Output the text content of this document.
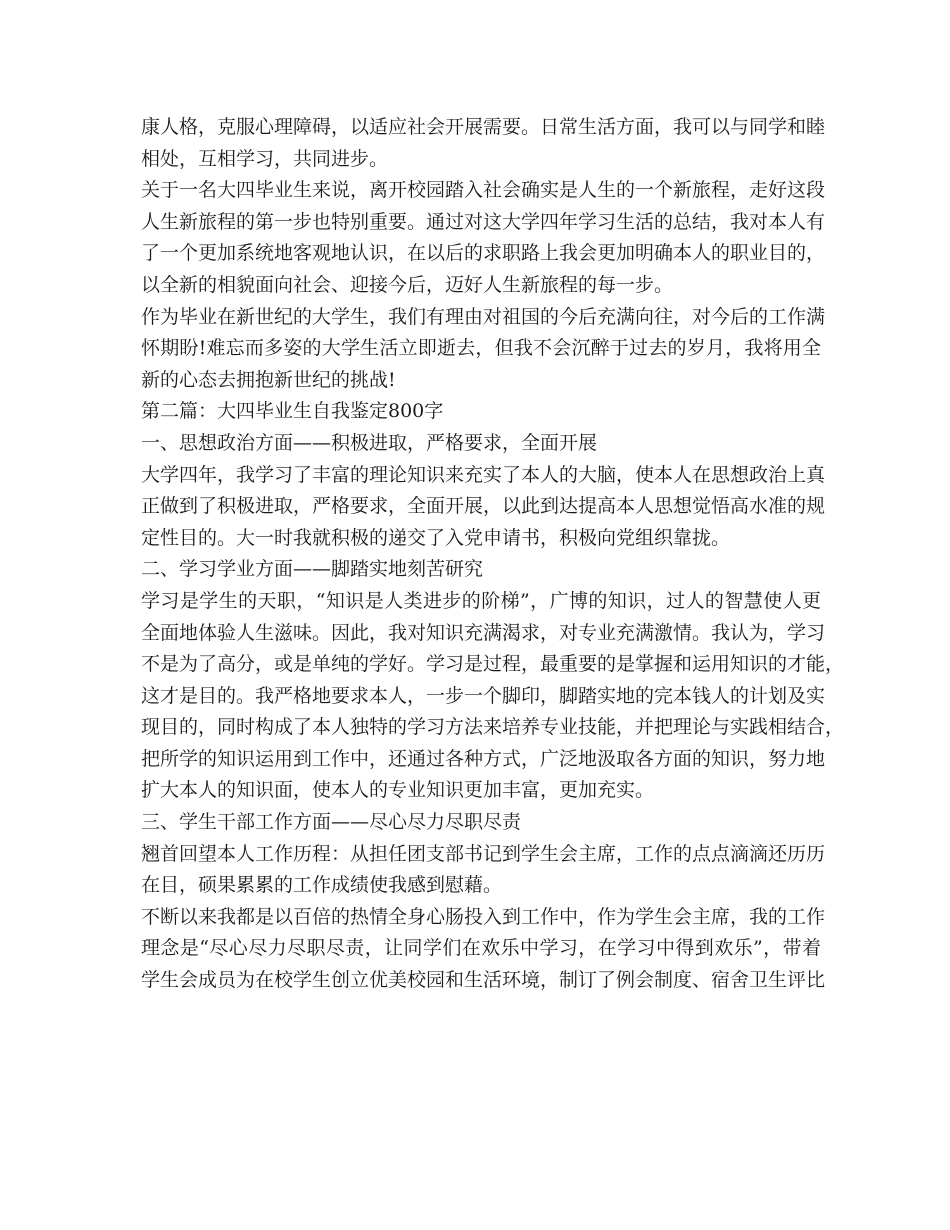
康人格，克服心理障碍，以适应社会开展需要。日常生活方面，我可以与同学和睦
相处，互相学习，共同进步。
关于一名大四毕业生来说，离开校园踏入社会确实是人生的一个新旅程，走好这段
人生新旅程的第一步也特别重要。通过对这大学四年学习生活的总结，我对本人有
了一个更加系统地客观地认识，在以后的求职路上我会更加明确本人的职业目的，
以全新的相貌面向社会、迎接今后，迈好人生新旅程的每一步。
作为毕业在新世纪的大学生，我们有理由对祖国的今后充满向往，对今后的工作满
怀期盼!难忘而多姿的大学生活立即逝去，但我不会沉醉于过去的岁月，我将用全
新的心态去拥抱新世纪的挑战!
第二篇：大四毕业生自我鉴定800字
一、思想政治方面——积极进取，严格要求，全面开展
大学四年，我学习了丰富的理论知识来充实了本人的大脑，使本人在思想政治上真
正做到了积极进取，严格要求，全面开展，以此到达提高本人思想觉悟高水准的规
定性目的。大一时我就积极的递交了入党申请书，积极向党组织靠拢。
二、学习学业方面——脚踏实地刻苦研究
学习是学生的天职，“知识是人类进步的阶梯”，广博的知识，过人的智慧使人更
全面地体验人生滋味。因此，我对知识充满渴求，对专业充满激情。我认为，学习
不是为了高分，或是单纯的学好。学习是过程，最重要的是掌握和运用知识的才能，
这才是目的。我严格地要求本人，一步一个脚印，脚踏实地的完本钱人的计划及实
现目的，同时构成了本人独特的学习方法来培养专业技能，并把理论与实践相结合，
把所学的知识运用到工作中，还通过各种方式，广泛地汲取各方面的知识，努力地
扩大本人的知识面，使本人的专业知识更加丰富，更加充实。
三、学生干部工作方面——尽心尽力尽职尽责
翘首回望本人工作历程：从担任团支部书记到学生会主席，工作的点点滴滴还历历
在目，硕果累累的工作成绩使我感到慰藉。
不断以来我都是以百倍的热情全身心肠投入到工作中，作为学生会主席，我的工作
理念是“尽心尽力尽职尽责，让同学们在欢乐中学习，在学习中得到欢乐”，带着
学生会成员为在校学生创立优美校园和生活环境，制订了例会制度、宿舍卫生评比
